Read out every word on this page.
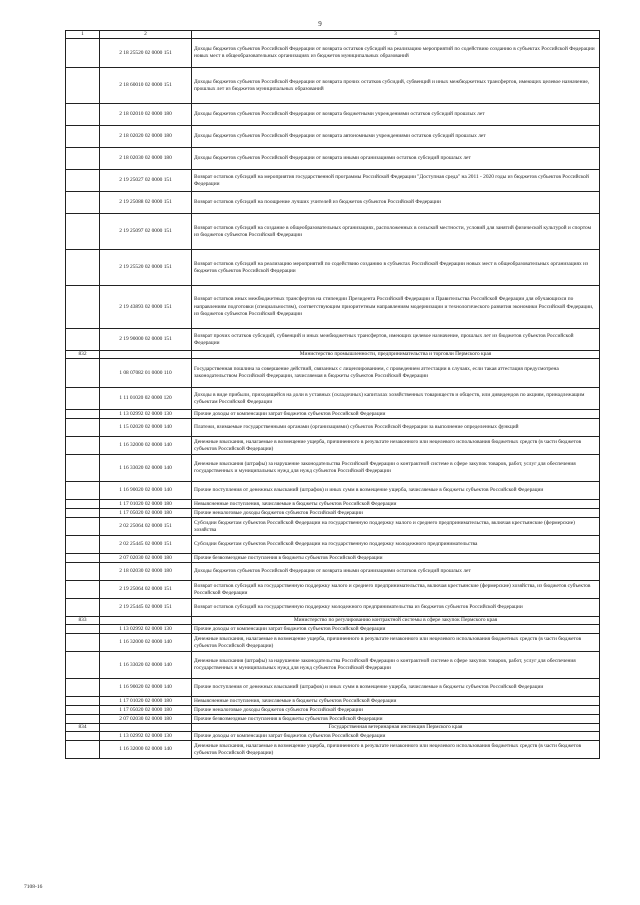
9
1	2	3
	2 18 25520 02 0000 151	Доходы бюджетов субъектов Российской Федерации от возврата остатков субсидий на реализацию мероприятий по содействию созданию в субъектах Российской Федерации новых мест в общеобразовательных организациях из бюджетов муниципальных образований
	2 18 60010 02 0000 151	Доходы бюджетов субъектов Российской Федерации от возврата прочих остатков субсидий, субвенций и иных межбюджетных трансфертов, имеющих целевое назначение, прошлых лет из бюджетов муниципальных образований
	2 18 02010 02 0000 180	Доходы бюджетов субъектов Российской Федерации от возврата бюджетными учреждениями остатков субсидий прошлых лет
	2 18 02020 02 0000 180	Доходы бюджетов субъектов Российской Федерации от возврата автономными учреждениями остатков субсидий прошлых лет
	2 18 02030 02 0000 180	Доходы бюджетов субъектов Российской Федерации от возврата иными организациями остатков субсидий прошлых лет
	2 19 25027 02 0000 151	Возврат остатков субсидий на мероприятия государственной программы Российской Федерации "Доступная среда" на 2011 - 2020 годы из бюджетов субъектов Российской Федерации
	2 19 25088 02 0000 151	Возврат остатков субсидий на поощрение лучших учителей из бюджетов субъектов Российской Федерации
	2 19 25097 02 0000 151	Возврат остатков субсидий на создание в общеобразовательных организациях, расположенных в сельской местности, условий для занятий физической культурой и спортом из бюджетов субъектов Российской Федерации
	2 19 25520 02 0000 151	Возврат остатков субсидий на реализацию мероприятий по содействию созданию в субъектах Российской Федерации новых мест в общеобразовательных организациях из бюджетов субъектов Российской Федерации
	2 19 43893 02 0000 151	Возврат остатков иных межбюджетных трансфертов на стипендии Президента Российской Федерации и Правительства Российской Федерации для обучающихся по направлениям подготовки (специальностям), соответствующим приоритетным направлениям модернизации и технологического развития экономики Российской Федерации, из бюджетов субъектов Российской Федерации
	2 19 90000 02 0000 151	Возврат прочих остатков субсидий, субвенций и иных межбюджетных трансфертов, имеющих целевое назначение, прошлых лет из бюджетов субъектов Российской Федерации
832		Министерство промышленности, предпринимательства и торговли Пермского края
	1 08 07082 01 0000 110	Государственная пошлина за совершение действий, связанных с лицензированием, с проведением аттестации в случаях, если такая аттестация предусмотрена законодательством Российской Федерации, зачисляемая в бюджеты субъектов Российской Федерации
	1 11 01020 02 0000 120	Доходы в виде прибыли, приходящейся на доли в уставных (складочных) капиталах хозяйственных товариществ и обществ, или дивидендов по акциям, принадлежащим субъектам Российской Федерации
	1 13 02992 02 0000 130	Прочие доходы от компенсации затрат бюджетов субъектов Российской Федерации
	1 15 02020 02 0000 140	Платежи, взимаемые государственными органами (организациями) субъектов Российской Федерации за выполнение определенных функций
	1 16 32000 02 0000 140	Денежные взыскания, налагаемые в возмещение ущерба, причиненного в результате незаконного или нецелевого использования бюджетных средств (в части бюджетов субъектов Российской Федерации)
	1 16 33020 02 0000 140	Денежные взыскания (штрафы) за нарушение законодательства Российской Федерации о контрактной системе в сфере закупок товаров, работ, услуг для обеспечения государственных и муниципальных нужд для нужд субъектов Российской Федерации
	1 16 90020 02 0000 140	Прочие поступления от денежных взысканий (штрафов) и иных сумм в возмещение ущерба, зачисляемые в бюджеты субъектов Российской Федерации
	1 17 01020 02 0000 180	Невыясненные поступления, зачисляемые в бюджеты субъектов Российской Федерации
	1 17 05020 02 0000 180	Прочие неналоговые доходы бюджетов субъектов Российской Федерации
	2 02 25064 02 0000 151	Субсидии бюджетам субъектов Российской Федерации на государственную поддержку малого и среднего предпринимательства, включая крестьянские (фермерские) хозяйства
	2 02 25445 02 0000 151	Субсидии бюджетам субъектов Российской Федерации на государственную поддержку молодежного предпринимательства
	2 07 02030 02 0000 180	Прочие безвозмездные поступления в бюджеты субъектов Российской Федерации
	2 18 02030 02 0000 180	Доходы бюджетов субъектов Российской Федерации от возврата иными организациями остатков субсидий прошлых лет
	2 19 25064 02 0000 151	Возврат остатков субсидий на государственную поддержку малого и среднего предпринимательства, включая крестьянские (фермерские) хозяйства, из бюджетов субъектов Российской Федерации
	2 19 25445 02 0000 151	Возврат остатков субсидий на государственную поддержку молодежного предпринимательства из бюджетов субъектов Российской Федерации
833		Министерство по регулированию контрактной системы в сфере закупок Пермского края
	1 13 02992 02 0000 130	Прочие доходы от компенсации затрат бюджетов субъектов Российской Федерации
	1 16 32000 02 0000 140	Денежные взыскания, налагаемые в возмещение ущерба, причиненного в результате незаконного или нецелевого использования бюджетных средств (в части бюджетов субъектов Российской Федерации)
	1 16 33020 02 0000 140	Денежные взыскания (штрафы) за нарушение законодательства Российской Федерации о контрактной системе в сфере закупок товаров, работ, услуг для обеспечения государственных и муниципальных нужд для нужд субъектов Российской Федерации
	1 16 90020 02 0000 140	Прочие поступления от денежных взысканий (штрафов) и иных сумм в возмещение ущерба, зачисляемые в бюджеты субъектов Российской Федерации
	1 17 01020 02 0000 180	Невыясненные поступления, зачисляемые в бюджеты субъектов Российской Федерации
	1 17 05020 02 0000 180	Прочие неналоговые доходы бюджетов субъектов Российской Федерации
	2 07 02030 02 0000 180	Прочие безвозмездные поступления в бюджеты субъектов Российской Федерации
834		Государственная ветеринарная инспекция Пермского края
	1 13 02992 02 0000 130	Прочие доходы от компенсации затрат бюджетов субъектов Российской Федерации
	1 16 32000 02 0000 140	Денежные взыскания, налагаемые в возмещение ущерба, причиненного в результате незаконного или нецелевого использования бюджетных средств (в части бюджетов субъектов Российской Федерации)
7108-16
